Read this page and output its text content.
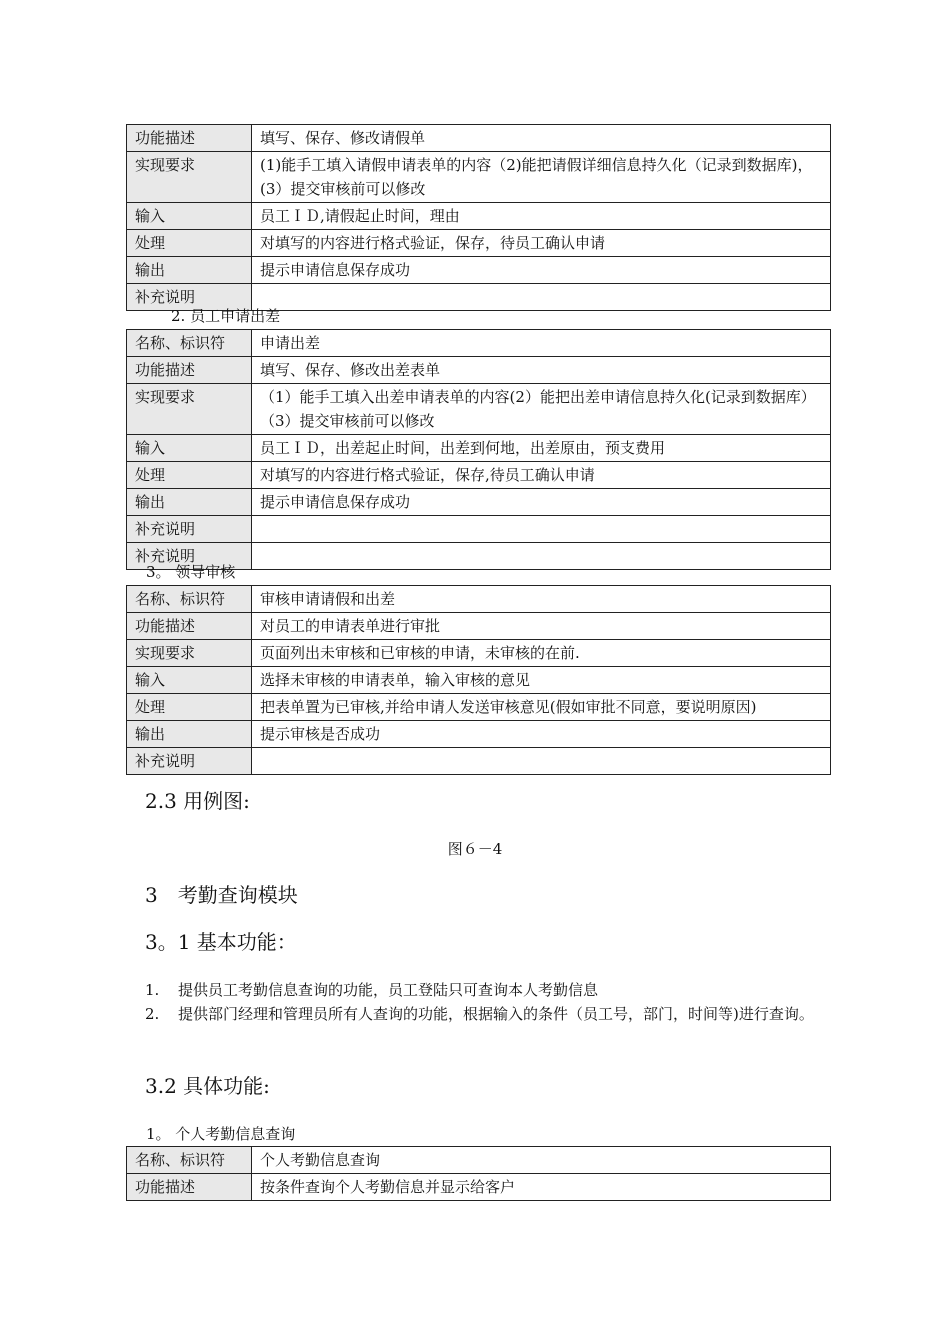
功能描述	填写、保存、修改请假单
实现要求	(1)能手工填入请假申请表单的内容（2)能把请假详细信息持久化（记录到数据库)，(3）提交审核前可以修改
输入	员工ＩＤ,请假起止时间，理由
处理	对填写的内容进行格式验证，保存，待员工确认申请
输出	提示申请信息保存成功
补充说明	
2. 员工申请出差
名称、标识符	申请出差
功能描述	填写、保存、修改出差表单
实现要求	（1）能手工填入出差申请表单的内容(2）能把出差申请信息持久化(记录到数据库）（3）提交审核前可以修改
输入	员工ＩＤ，出差起止时间，出差到何地，出差原由，预支费用
处理	对填写的内容进行格式验证，保存,待员工确认申请
输出	提示申请信息保存成功
补充说明	
补充说明	
3。 领导审核
名称、标识符	审核申请请假和出差
功能描述	对员工的申请表单进行审批
实现要求	页面列出未审核和已审核的申请，未审核的在前.
输入	选择未审核的申请表单，输入审核的意见
处理	把表单置为已审核,并给申请人发送审核意见(假如审批不同意，要说明原因)
输出	提示审核是否成功
补充说明	
2.3 用例图:
图６－4
3　考勤查询模块
3。1 基本功能：
1.	提供员工考勤信息查询的功能，员工登陆只可查询本人考勤信息
2.	提供部门经理和管理员所有人查询的功能，根据输入的条件（员工号，部门，时间等)进行查询。
3.2 具体功能:
1。 个人考勤信息查询
名称、标识符	个人考勤信息查询
功能描述	按条件查询个人考勤信息并显示给客户
